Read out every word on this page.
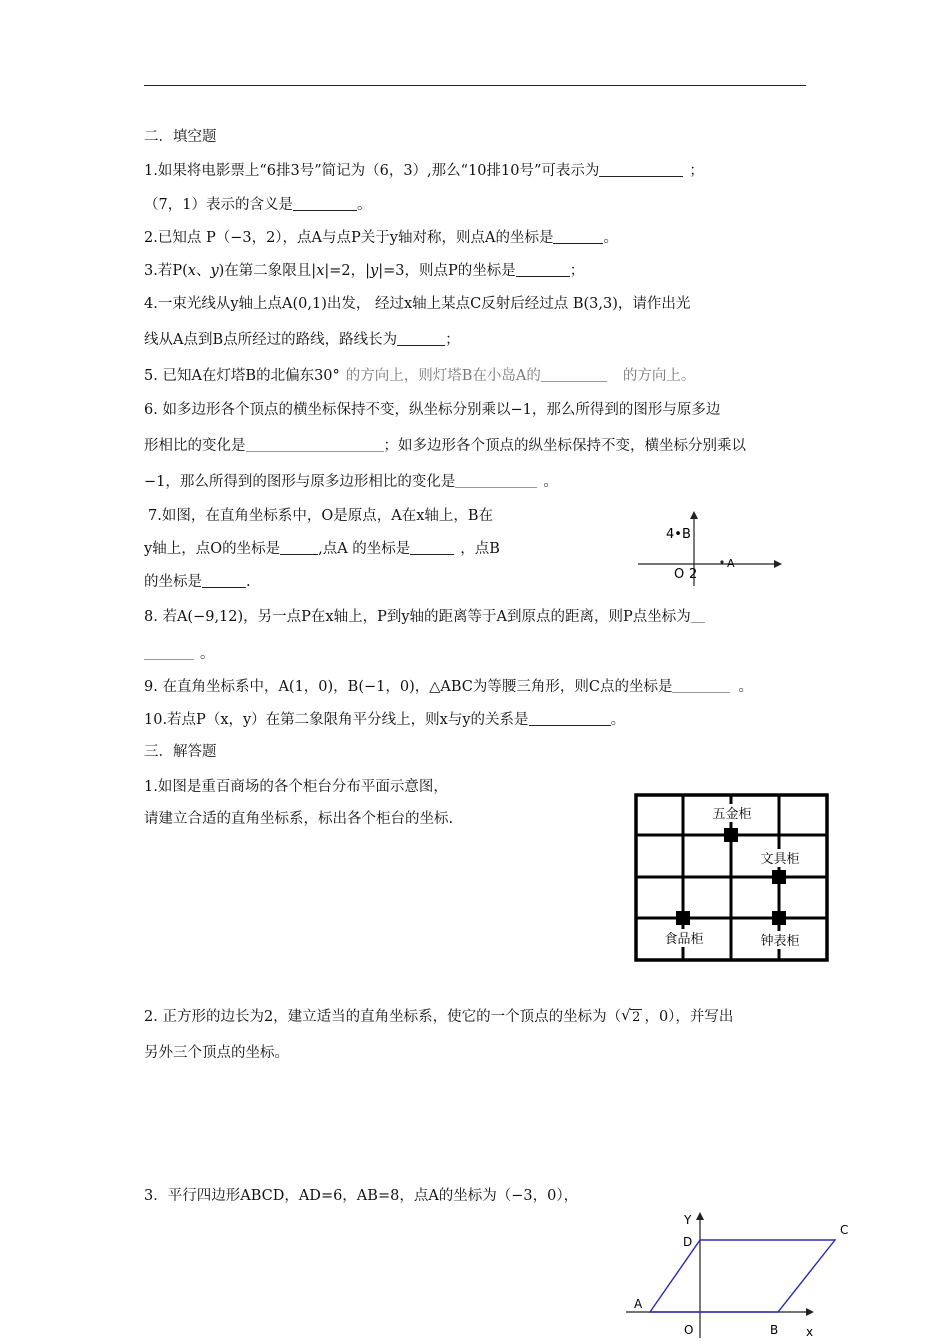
二．填空题
1.如果将电影票上“6排3号”简记为（6，3）,那么“10排10号”可表示为	；
（7，1）表示的含义是	。
2.已知点 P（−3，2），点A与点P关于y轴对称，则点A的坐标是	。
3.若P(x、y)在第二象限且|x|=2，|y|=3，则点P的坐标是	；
4.一束光线从y轴上点A(0,1)出发， 经过x轴上某点C反射后经过点 B(3,3)，请作出光
线从A点到B点所经过的路线，路线长为	；
5. 已知A在灯塔B的北偏东30° 的方向上，则灯塔B在小岛A的	的方向上。
6. 如多边形各个顶点的横坐标保持不变，纵坐标分别乘以−1，那么所得到的图形与原多边
形相比的变化是	；如多边形各个顶点的纵坐标保持不变，横坐标分别乘以
−1，那么所得到的图形与原多边形相比的变化是	。
7.如图，在直角坐标系中，O是原点，A在x轴上，B在
y轴上，点O的坐标是	,点A 的坐标是	，点B
的坐标是	.
4•B
A
O 2
8. 若A(−9,12)，另一点P在x轴上，P到y轴的距离等于A到原点的距离，则P点坐标为
。
9. 在直角坐标系中，A(1，0)，B(−1，0)，△ABC为等腰三角形，则C点的坐标是	。
10.若点P（x，y）在第二象限角平分线上，则x与y的关系是	。
三．解答题
1.如图是重百商场的各个柜台分布平面示意图，
请建立合适的直角坐标系，标出各个柜台的坐标.	五金柜
文具柜
食品柜	钟表柜
2. 正方形的边长为2，建立适当的直角坐标系，使它的一个顶点的坐标为（ √ 2 ，0），并写出
另外三个顶点的坐标。
3．平行四边形ABCD，AD=6，AB=8，点A的坐标为（−3，0），
Y
D
C
A
B
O	x
